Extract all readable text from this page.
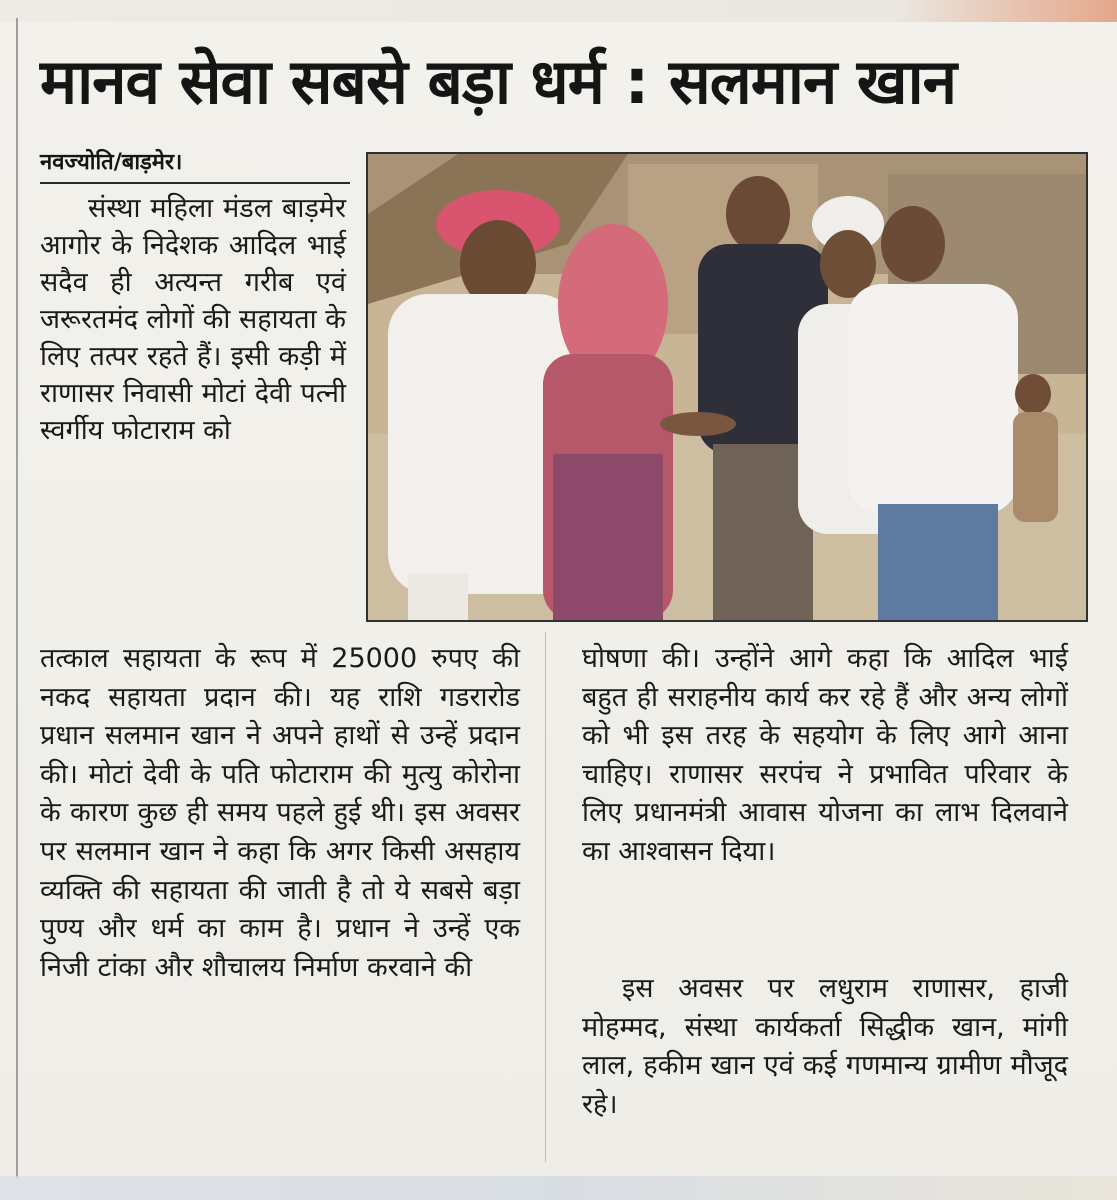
मानव सेवा सबसे बड़ा धर्म : सलमान खान
नवज्योति/बाड़मेर।
संस्था महिला मंडल बाड़मेर आगोर के निदेशक आदिल भाई सदैव ही अत्यन्त गरीब एवं जरूरतमंद लोगों की सहायता के लिए तत्पर रहते हैं। इसी कड़ी में राणासर निवासी मोटां देवी पत्नी स्वर्गीय फोटाराम को
तत्काल सहायता के रूप में 25000 रुपए की नकद सहायता प्रदान की। यह राशि गडरारोड प्रधान सलमान खान ने अपने हाथों से उन्हें प्रदान की। मोटां देवी के पति फोटाराम की मुत्यु कोरोना के कारण कुछ ही समय पहले हुई थी। इस अवसर पर सलमान खान ने कहा कि अगर किसी असहाय व्यक्ति की सहायता की जाती है तो ये सबसे बड़ा पुण्य और धर्म का काम है। प्रधान ने उन्हें एक निजी टांका और शौचालय निर्माण करवाने की
घोषणा की। उन्होंने आगे कहा कि आदिल भाई बहुत ही सराहनीय कार्य कर रहे हैं और अन्य लोगों को भी इस तरह के सहयोग के लिए आगे आना चाहिए। राणासर सरपंच ने प्रभावित परिवार के लिए प्रधानमंत्री आवास योजना का लाभ दिलवाने का आश्वासन दिया।
इस अवसर पर लधुराम राणासर, हाजी मोहम्मद, संस्था कार्यकर्ता सिद्धीक खान, मांगी लाल, हकीम खान एवं कई गणमान्य ग्रामीण मौजूद रहे।
